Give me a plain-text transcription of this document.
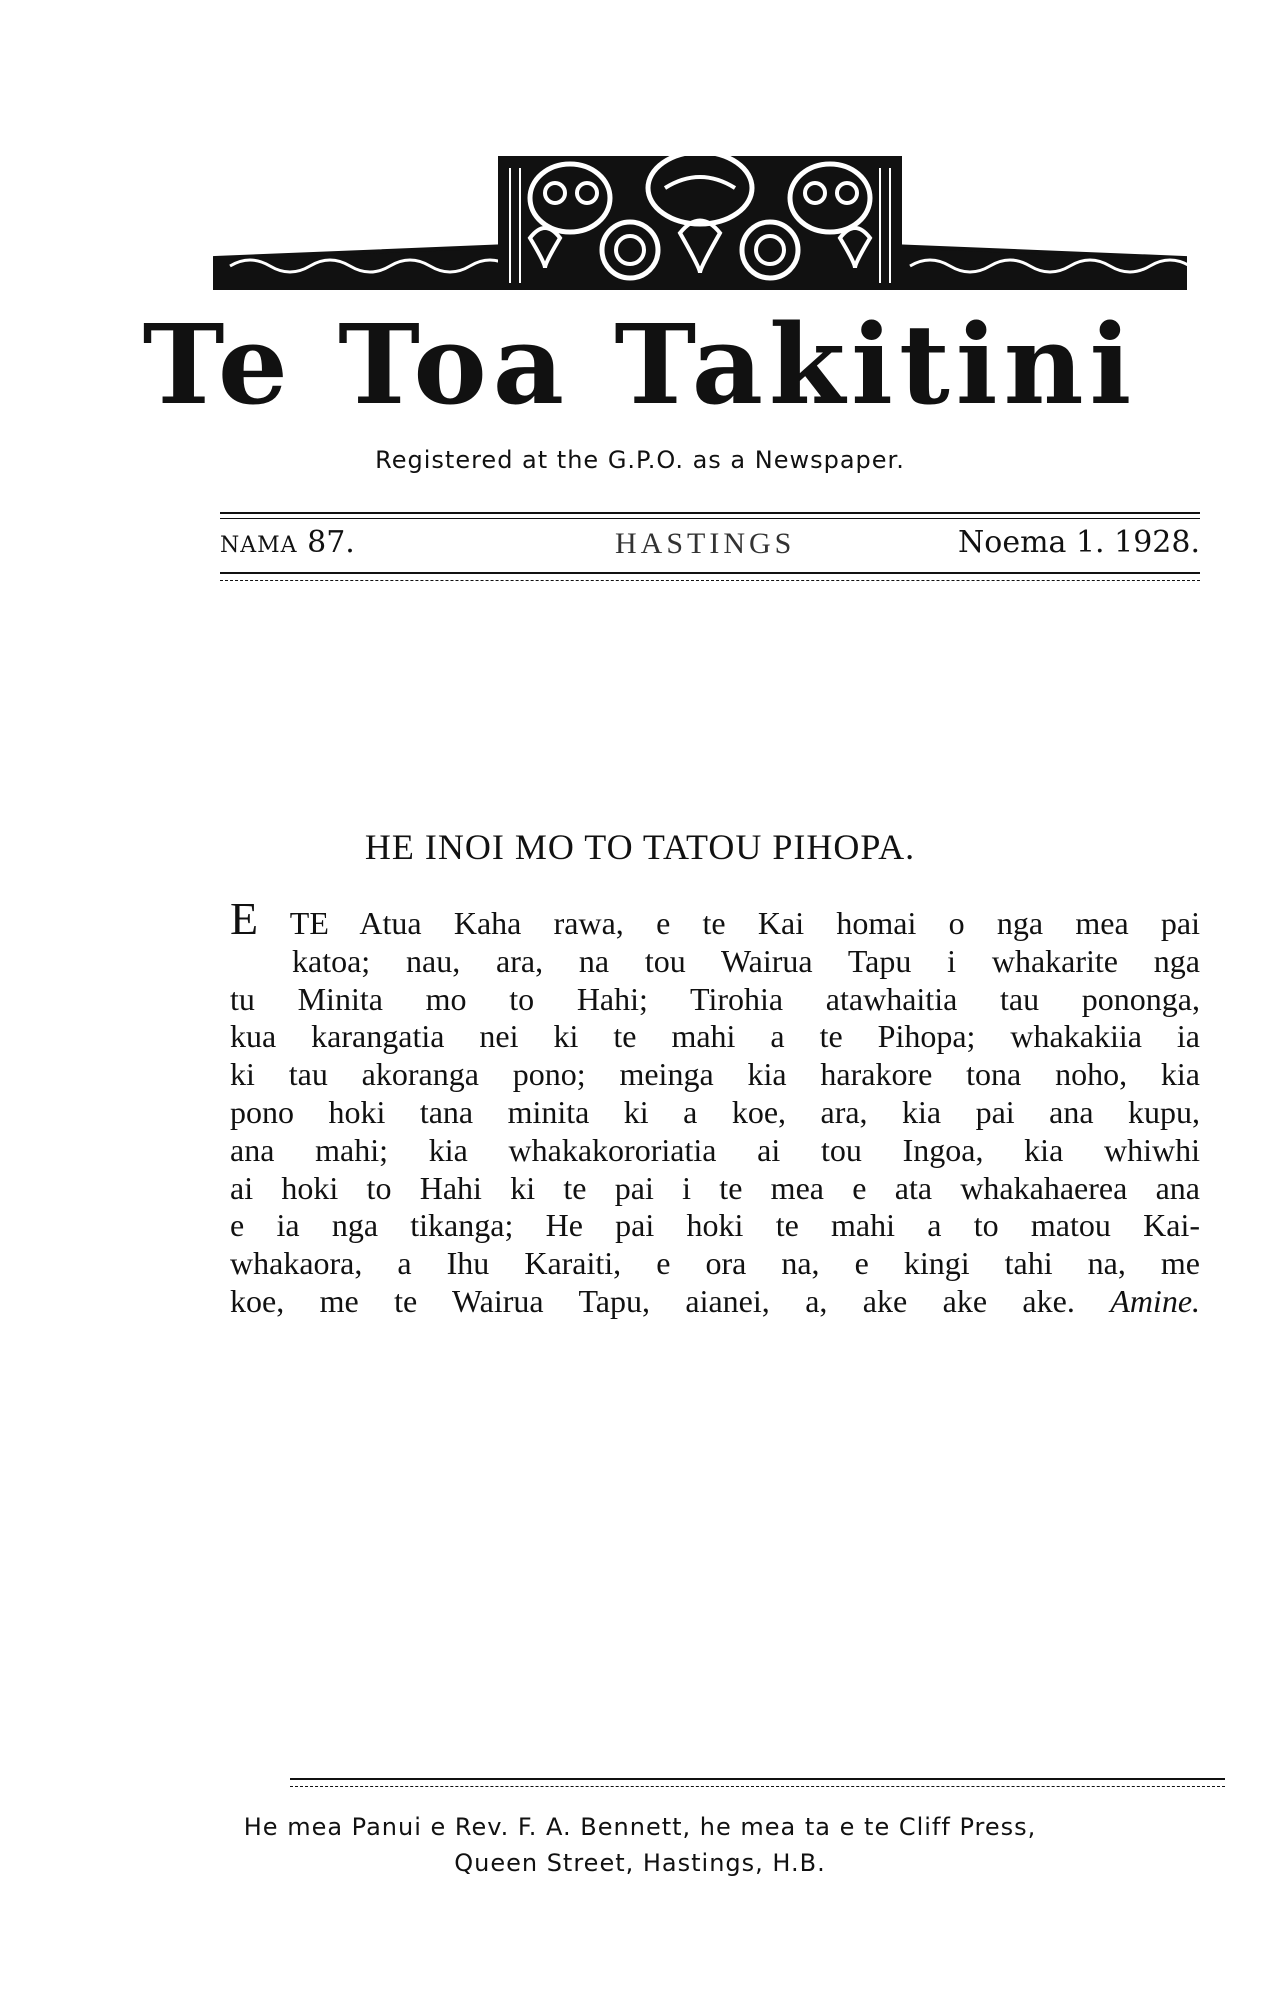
Te Toa Takitini
Registered at the G.P.O. as a Newspaper.
NAMA 87.	HASTINGS	Noema 1. 1928.
HE INOI MO TO TATOU PIHOPA.
E TE Atua Kaha rawa, e te Kai homai o nga mea pai
katoa; nau, ara, na tou Wairua Tapu i whakarite nga
tu Minita mo to Hahi; Tirohia atawhaitia tau pononga,
kua karangatia nei ki te mahi a te Pihopa; whakakiia ia
ki tau akoranga pono; meinga kia harakore tona noho, kia
pono hoki tana minita ki a koe, ara, kia pai ana kupu,
ana mahi; kia whakakororiatia ai tou Ingoa, kia whiwhi
ai hoki to Hahi ki te pai i te mea e ata whakahaerea ana
e ia nga tikanga; He pai hoki te mahi a to matou Kai-
whakaora, a Ihu Karaiti, e ora na, e kingi tahi na, me
koe, me te Wairua Tapu, aianei, a, ake ake ake. Amine.
He mea Panui e Rev. F. A. Bennett, he mea ta e te Cliff Press,
Queen Street, Hastings, H.B.
